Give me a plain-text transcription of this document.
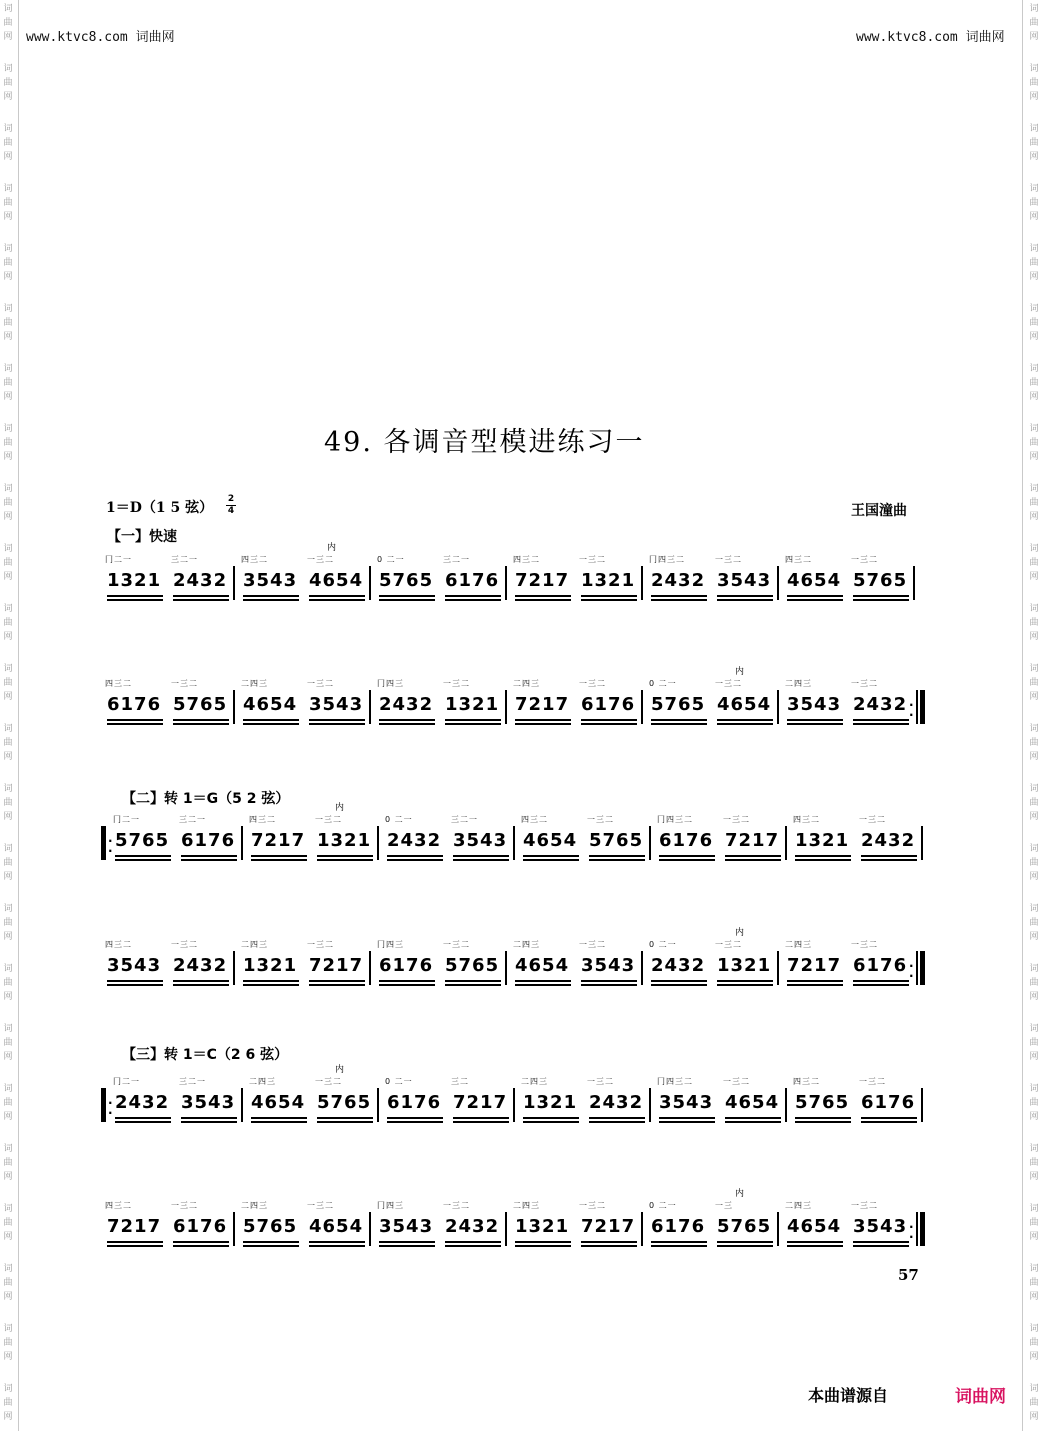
词
曲
网
词
曲
网
词
曲
网
词
曲
网
词
曲
网
词
曲
网
词
曲
网
词
曲
网
词
曲
网
词
曲
网
词
曲
网
词
曲
网
词
曲
网
词
曲
网
词
曲
网
词
曲
网
词
曲
网
词
曲
网
词
曲
网
词
曲
网
词
曲
网
词
曲
网
词
曲
网
词
曲
网
词
曲
网
词
曲
网
词
曲
网
词
曲
网
词
曲
网
词
曲
网
词
曲
网
词
曲
网
词
曲
网
词
曲
网
词
曲
网
词
曲
网
词
曲
网
词
曲
网
词
曲
网
词
曲
网
词
曲
网
词
曲
网
词
曲
网
词
曲
网
词
曲
网
词
曲
网
词
曲
网
词
曲
网
www.ktvc8.com 词曲网	www.ktvc8.com 词曲网
49. 各调音型模进练习一
1＝D（1 5 弦）
2
4	王国潼曲
【一】快速
冂二一
1321
三二一
2432
四三二
3543
一三二
内
4654
0 二一
5765
三二一
6176
四三二
7217
一三二
1321
冂四三二
2432
一三二
3543
四三二
4654
一三二
5765
四三二
6176
一三二
5765
二四三
4654
一三二
3543
冂四三
2432
一三二
1321
二四三
7217
一三二
6176
0 二一
5765
一三二
内
4654
二四三
3543
一三二
2432 ·
·
【二】转 1＝G（5 2 弦）
·
·
冂二一
5765
三二一
6176
四三二
7217
一三二
内
1321
0 二一
2432
三二一
3543
四三二
4654
一三二
5765
冂四三二
6176
一三二
7217
四三二
1321
一三二
2432
四三二
3543
一三二
2432
二四三
1321
一三二
7217
冂四三
6176
一三二
5765
二四三
4654
一三二
3543
0 二一
2432
一三二
内
1321
二四三
7217
一三二
6176 ·
·
【三】转 1＝C（2 6 弦）
·
·
冂二一
2432
三二一
3543
二四三
4654
一三二
内
5765
0 二一
6176
三二
7217
二四三
1321
一三二
2432
冂四三二
3543
一三二
4654
四三二
5765
一三二
6176
四三二
7217
一三二
6176
二四三
5765
一三二
4654
冂四三
3543
一三二
2432
二四三
1321
一三二
7217
0 二一
6176
一三
内
5765
二四三
4654
一三二
3543 ·
·
57
本曲谱源自	词曲网
